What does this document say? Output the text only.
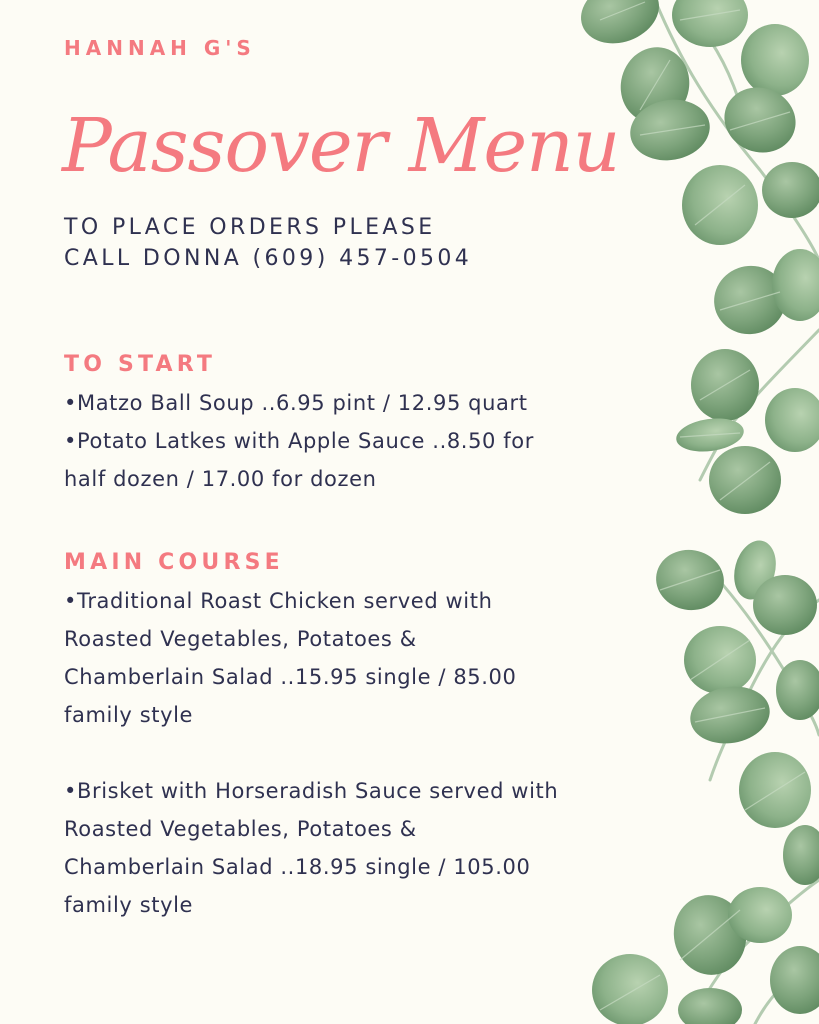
HANNAH G'S
Passover Menu
TO PLACE ORDERS PLEASE
CALL DONNA (609) 457-0504
TO START
•Matzo Ball Soup ..6.95 pint / 12.95 quart
•Potato Latkes with Apple Sauce ..8.50 for
half dozen / 17.00 for dozen
MAIN COURSE
•Traditional Roast Chicken served with
Roasted Vegetables, Potatoes &
Chamberlain Salad ..15.95 single / 85.00
family style
•Brisket with Horseradish Sauce served with
Roasted Vegetables, Potatoes &
Chamberlain Salad ..18.95 single / 105.00
family style
